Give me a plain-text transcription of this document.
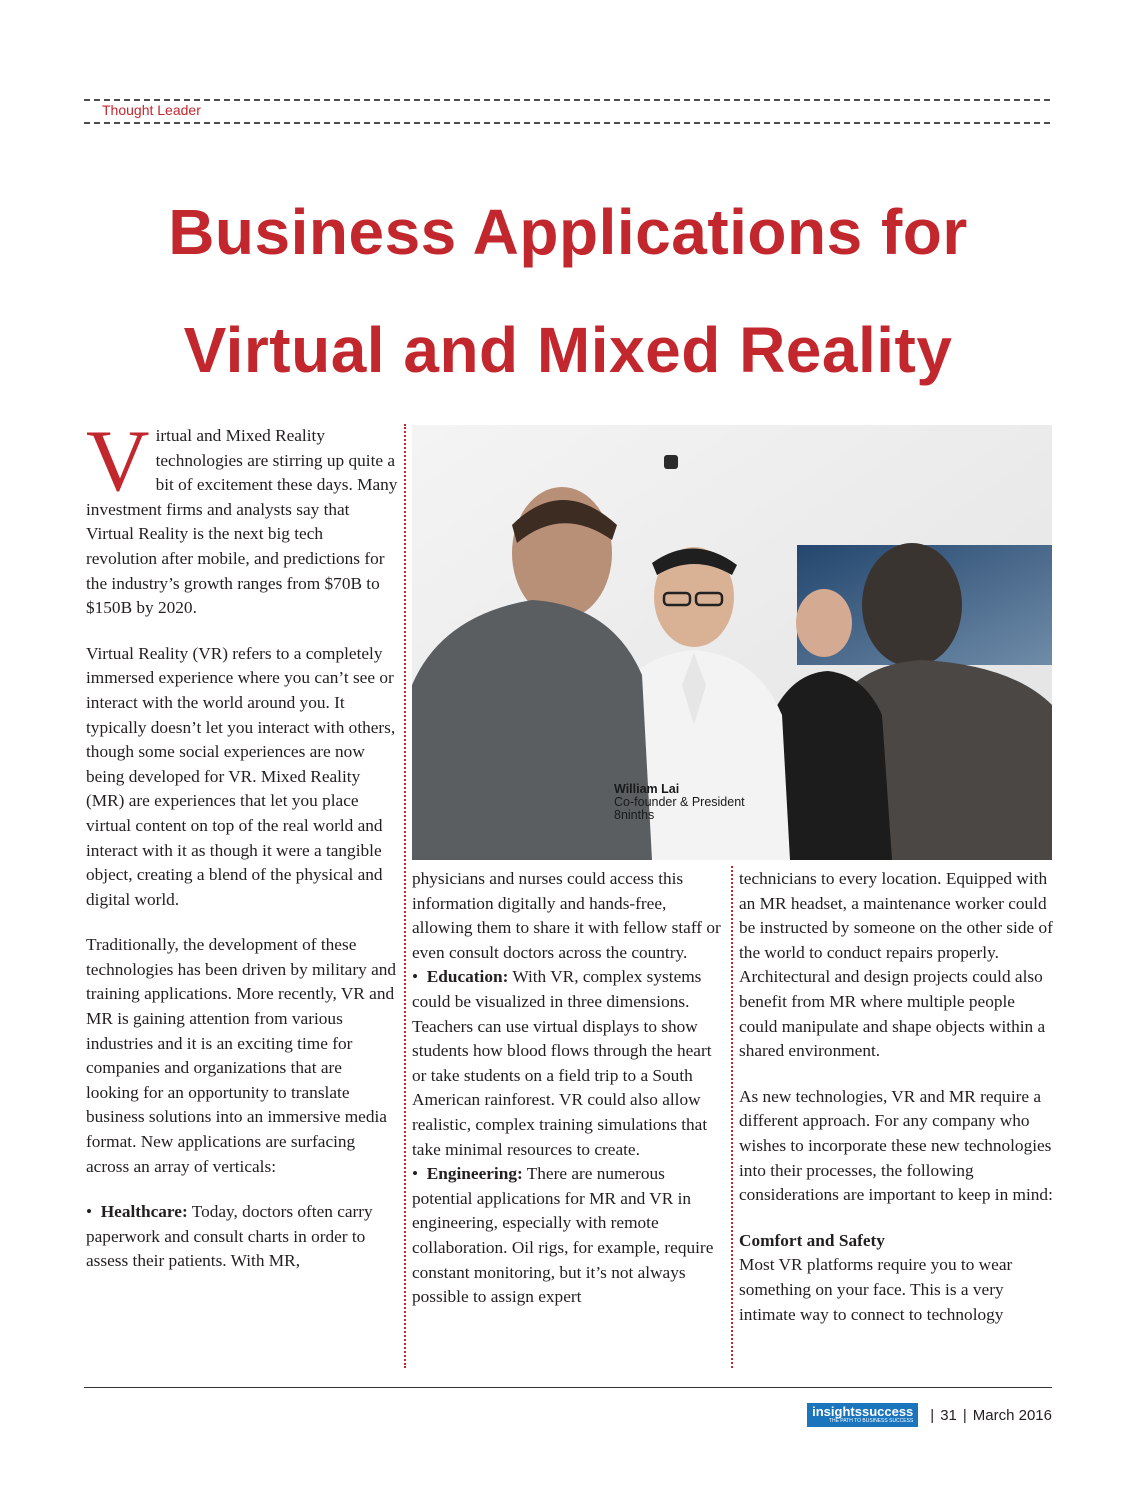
Thought Leader
Business Applications for
Virtual and Mixed Reality

Virtual and Mixed Reality technologies are stirring up quite a bit of excitement these days. Many investment firms and analysts say that Virtual Reality is the next big tech revolution after mobile, and predictions for the industry’s growth ranges from $70B to $150B by 2020.

Virtual Reality (VR) refers to a completely immersed experience where you can’t see or interact with the world around you. It typically doesn’t let you interact with others, though some social experiences are now being developed for VR. Mixed Reality (MR) are experiences that let you place virtual content on top of the real world and interact with it as though it were a tangible object, creating a blend of the physical and digital world.

Traditionally, the development of these technologies has been driven by military and training applications. More recently, VR and MR is gaining attention from various industries and it is an exciting time for companies and organizations that are looking for an opportunity to translate business solutions into an immersive media format. New applications are surfacing across an array of verticals:

•  Healthcare: Today, doctors often carry paperwork and consult charts in order to assess their patients. With MR,

William Lai
Co-founder & President
8ninths

physicians and nurses could access this information digitally and hands-free, allowing them to share it with fellow staff or even consult doctors across the country.

•  Education: With VR, complex systems could be visualized in three dimensions. Teachers can use virtual displays to show students how blood flows through the heart or take students on a field trip to a South American rainforest. VR could also allow realistic, complex training simulations that take minimal resources to create.

•  Engineering: There are numerous potential applications for MR and VR in engineering, especially with remote collaboration. Oil rigs, for example, require constant monitoring, but it’s not always possible to assign expert

technicians to every location. Equipped with an MR headset, a maintenance worker could be instructed by someone on the other side of the world to conduct repairs properly. Architectural and design projects could also benefit from MR where multiple people could manipulate and shape objects within a shared environment.

As new technologies, VR and MR require a different approach. For any company who wishes to incorporate these new technologies into their processes, the following considerations are important to keep in mind:

Comfort and Safety

Most VR platforms require you to wear something on your face. This is a very intimate way to connect to technology

insightssuccess
THE PATH TO BUSINESS SUCCESS | 31 | March 2016
